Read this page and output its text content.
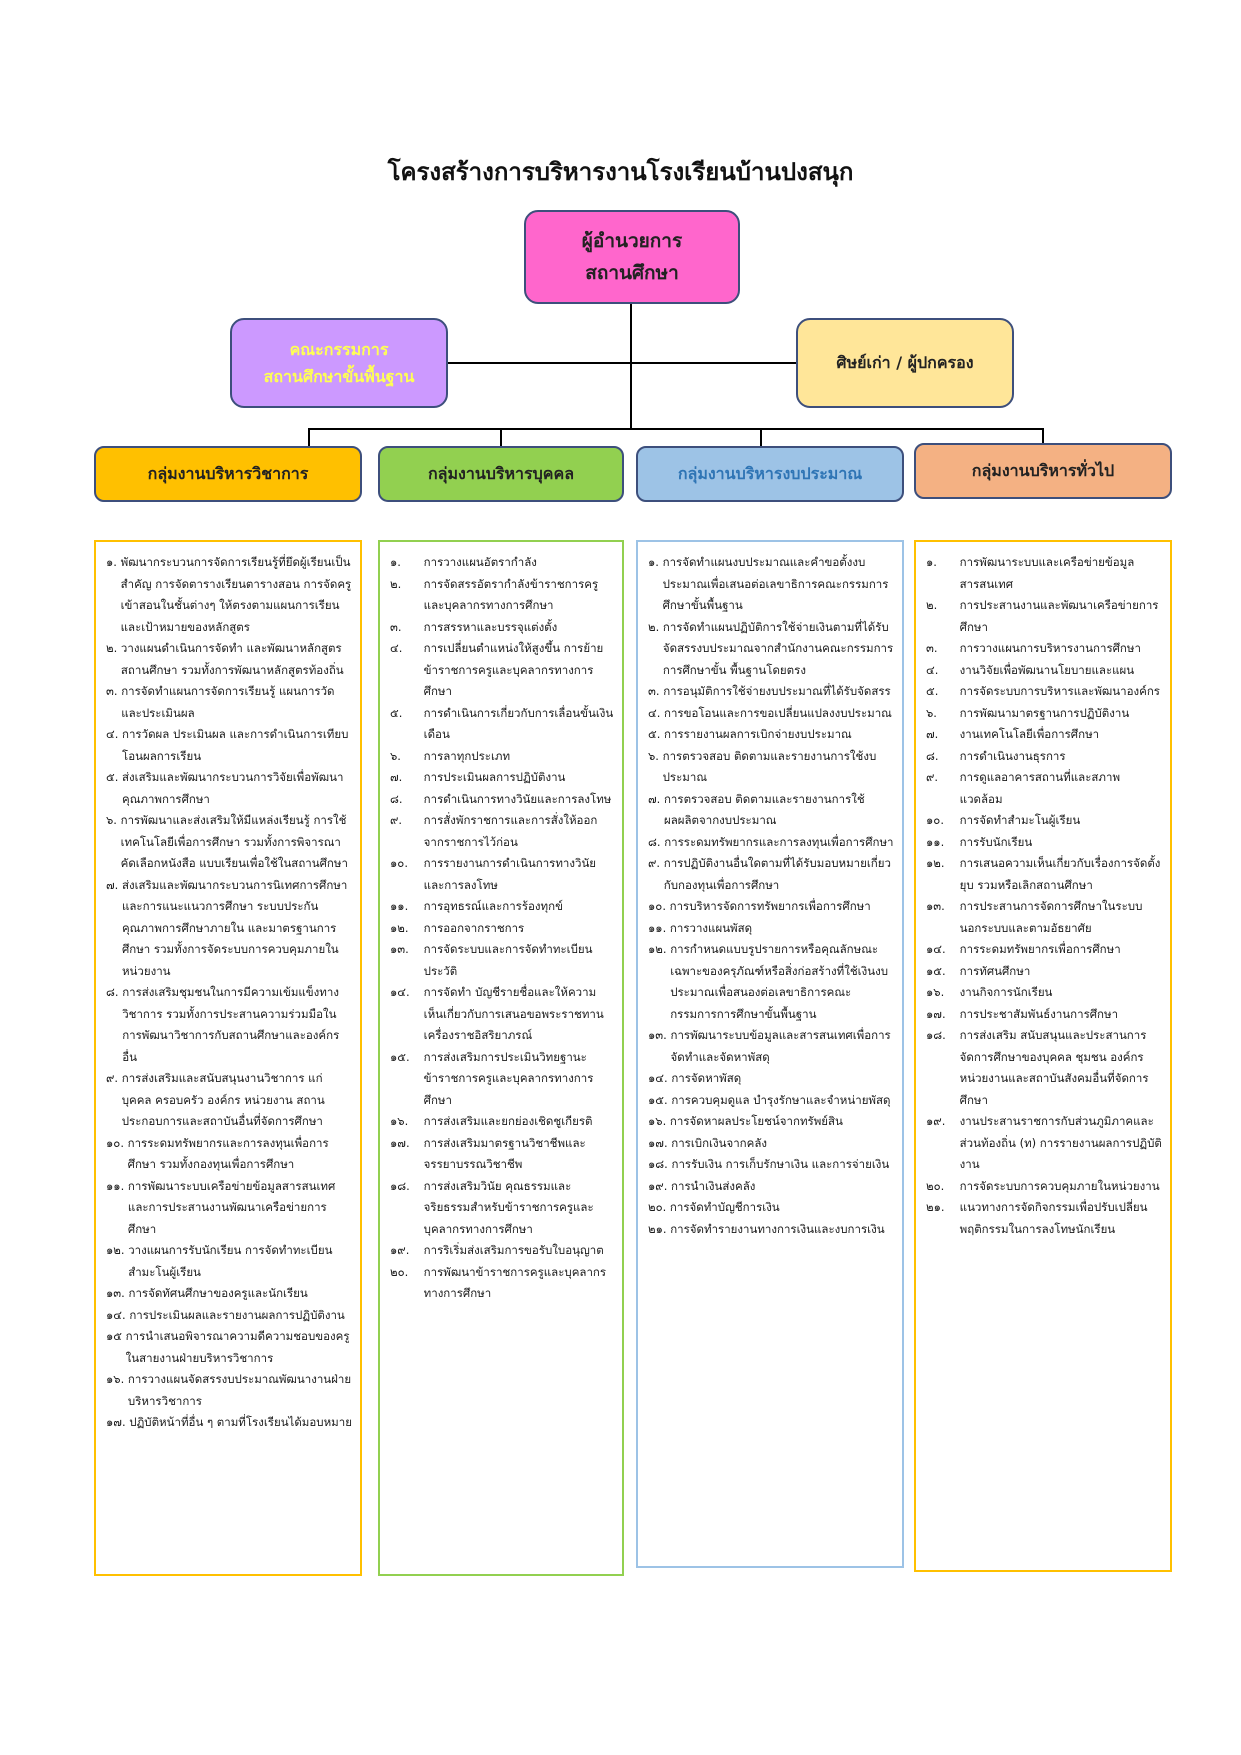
โครงสร้างการบริหารงานโรงเรียนบ้านปงสนุก
ผู้อำนวยการ
สถานศึกษา
คณะกรรมการ
สถานศึกษาขั้นพื้นฐาน
ศิษย์เก่า / ผู้ปกครอง
กลุ่มงานบริหารวิชาการ	กลุ่มงานบริหารบุคคล	กลุ่มงานบริหารงบประมาณ	กลุ่มงานบริหารทั่วไป
๑.
พัฒนากระบวนการจัดการเรียนรู้ที่ยึดผู้เรียนเป็นสำคัญ การจัดตารางเรียนตารางสอน การจัดครูเข้าสอนในชั้นต่างๆ ให้ตรงตามแผนการเรียน และเป้าหมายของหลักสูตร
๒.
วางแผนดำเนินการจัดทำ และพัฒนาหลักสูตรสถานศึกษา รวมทั้งการพัฒนาหลักสูตรท้องถิ่น
๓.
การจัดทำแผนการจัดการเรียนรู้ แผนการวัดและประเมินผล
๔.
การวัดผล ประเมินผล และการดำเนินการเทียบโอนผลการเรียน
๕.
ส่งเสริมและพัฒนากระบวนการวิจัยเพื่อพัฒนาคุณภาพการศึกษา
๖.
การพัฒนาและส่งเสริมให้มีแหล่งเรียนรู้ การใช้เทคโนโลยีเพื่อการศึกษา รวมทั้งการพิจารณาคัดเลือกหนังสือ แบบเรียนเพื่อใช้ในสถานศึกษา
๗.
ส่งเสริมและพัฒนากระบวนการนิเทศการศึกษา และการแนะแนวการศึกษา ระบบประกันคุณภาพการศึกษาภายใน และมาตรฐานการศึกษา รวมทั้งการจัดระบบการควบคุมภายในหน่วยงาน
๘.
การส่งเสริมชุมชนในการมีความเข้มแข็งทางวิชาการ รวมทั้งการประสานความร่วมมือในการพัฒนาวิชาการกับสถานศึกษาและองค์กรอื่น
๙.
การส่งเสริมและสนับสนุนงานวิชาการ แก่บุคคล ครอบครัว องค์กร หน่วยงาน สถานประกอบการและสถาบันอื่นที่จัดการศึกษา
๑๐.
การระดมทรัพยากรและการลงทุนเพื่อการศึกษา รวมทั้งกองทุนเพื่อการศึกษา
๑๑.
การพัฒนาระบบเครือข่ายข้อมูลสารสนเทศและการประสานงานพัฒนาเครือข่ายการศึกษา
๑๒.
วางแผนการรับนักเรียน การจัดทำทะเบียนสำมะโนผู้เรียน
๑๓.
การจัดทัศนศึกษาของครูและนักเรียน
๑๔.
การประเมินผลและรายงานผลการปฏิบัติงาน
๑๕
การนำเสนอพิจารณาความดีความชอบของครูในสายงานฝ่ายบริหารวิชาการ
๑๖.
การวางแผนจัดสรรงบประมาณพัฒนางานฝ่ายบริหารวิชาการ
๑๗.
ปฏิบัติหน้าที่อื่น ๆ ตามที่โรงเรียนได้มอบหมาย
๑.
	การวางแผนอัตรากำลัง
๒.
	การจัดสรรอัตรากำลังข้าราชการครูและบุคลากรทางการศึกษา
๓.
	การสรรหาและบรรจุแต่งตั้ง
๔.
	การเปลี่ยนตำแหน่งให้สูงขึ้น การย้ายข้าราชการครูและบุคลากรทางการศึกษา
๕.
	การดำเนินการเกี่ยวกับการเลื่อนขั้นเงินเดือน
๖.
	การลาทุกประเภท
๗.
	การประเมินผลการปฏิบัติงาน
๘.
	การดำเนินการทางวินัยและการลงโทษ
๙.
	การสั่งพักราชการและการสั่งให้ออกจากราชการไว้ก่อน
๑๐.
	การรายงานการดำเนินการทางวินัยและการลงโทษ
๑๑.
	การอุทธรณ์และการร้องทุกข์
๑๒.
	การออกจากราชการ
๑๓.
	การจัดระบบและการจัดทำทะเบียนประวัติ
๑๔.
	การจัดทำ บัญชีรายชื่อและให้ความเห็นเกี่ยวกับการเสนอขอพระราชทานเครื่องราชอิสริยาภรณ์
๑๕.
	การส่งเสริมการประเมินวิทยฐานะข้าราชการครูและบุคลากรทางการศึกษา
๑๖.
	การส่งเสริมและยกย่องเชิดชูเกียรติ
๑๗.
	การส่งเสริมมาตรฐานวิชาชีพและจรรยาบรรณวิชาชีพ
๑๘.
	การส่งเสริมวินัย คุณธรรมและจริยธรรมสำหรับข้าราชการครูและบุคลากรทางการศึกษา
๑๙.
	การริเริ่มส่งเสริมการขอรับใบอนุญาต
๒๐.
	การพัฒนาข้าราชการครูและบุคลากรทางการศึกษา
๑.
การจัดทำแผนงบประมาณและคำขอตั้งงบประมาณเพื่อเสนอต่อเลขาธิการคณะกรรมการศึกษาขั้นพื้นฐาน
๒.
การจัดทำแผนปฏิบัติการใช้จ่ายเงินตามที่ได้รับจัดสรรงบประมาณจากสำนักงานคณะกรรมการการศึกษาขั้น พื้นฐานโดยตรง
๓.
การอนุมัติการใช้จ่ายงบประมาณที่ได้รับจัดสรร
๔.
การขอโอนและการขอเปลี่ยนแปลงงบประมาณ
๕.
การรายงานผลการเบิกจ่ายงบประมาณ
๖.
การตรวจสอบ ติดตามและรายงานการใช้งบประมาณ
๗.
การตรวจสอบ ติดตามและรายงานการใช้ผลผลิตจากงบประมาณ
๘.
การระดมทรัพยากรและการลงทุนเพื่อการศึกษา
๙.
การปฏิบัติงานอื่นใดตามที่ได้รับมอบหมายเกี่ยวกับกองทุนเพื่อการศึกษา
๑๐.
การบริหารจัดการทรัพยากรเพื่อการศึกษา
๑๑.
การวางแผนพัสดุ
๑๒.
การกำหนดแบบรูปรายการหรือคุณลักษณะเฉพาะของครุภัณฑ์หรือสิ่งก่อสร้างที่ใช้เงินงบประมาณเพื่อสนองต่อเลขาธิการคณะกรรมการการศึกษาขั้นพื้นฐาน
๑๓.
การพัฒนาระบบข้อมูลและสารสนเทศเพื่อการจัดทำและจัดหาพัสดุ
๑๔.
การจัดหาพัสดุ
๑๕.
การควบคุมดูแล บำรุงรักษาและจำหน่ายพัสดุ
๑๖.
การจัดหาผลประโยชน์จากทรัพย์สิน
๑๗.
การเบิกเงินจากคลัง
๑๘.
การรับเงิน การเก็บรักษาเงิน และการจ่ายเงิน
๑๙.
การนำเงินส่งคลัง
๒๐.
การจัดทำบัญชีการเงิน
๒๑.
การจัดทำรายงานทางการเงินและงบการเงิน
๑.
	การพัฒนาระบบและเครือข่ายข้อมูลสารสนเทศ
๒.
	การประสานงานและพัฒนาเครือข่ายการศึกษา
๓.
	การวางแผนการบริหารงานการศึกษา
๔.
	งานวิจัยเพื่อพัฒนานโยบายและแผน
๕.
	การจัดระบบการบริหารและพัฒนาองค์กร
๖.
	การพัฒนามาตรฐานการปฏิบัติงาน
๗.
	งานเทคโนโลยีเพื่อการศึกษา
๘.
	การดำเนินงานธุรการ
๙.
	การดูแลอาคารสถานที่และสภาพแวดล้อม
๑๐.
	การจัดทำสำมะโนผู้เรียน
๑๑.
	การรับนักเรียน
๑๒.
	การเสนอความเห็นเกี่ยวกับเรื่องการจัดตั้ง ยุบ รวมหรือเลิกสถานศึกษา
๑๓.
	การประสานการจัดการศึกษาในระบบ นอกระบบและตามอัธยาศัย
๑๔.
	การระดมทรัพยากรเพื่อการศึกษา
๑๕.
	การทัศนศึกษา
๑๖.
	งานกิจการนักเรียน
๑๗.
	การประชาสัมพันธ์งานการศึกษา
๑๘.
	การส่งเสริม สนับสนุนและประสานการจัดการศึกษาของบุคคล ชุมชน องค์กรหน่วยงานและสถาบันสังคมอื่นที่จัดการศึกษา
๑๙.
	งานประสานราชการกับส่วนภูมิภาคและส่วนท้องถิ่น (ท) การรายงานผลการปฏิบัติงาน
๒๐.
	การจัดระบบการควบคุมภายในหน่วยงาน
๒๑.
	แนวทางการจัดกิจกรรมเพื่อปรับเปลี่ยนพฤติกรรมในการลงโทษนักเรียน
